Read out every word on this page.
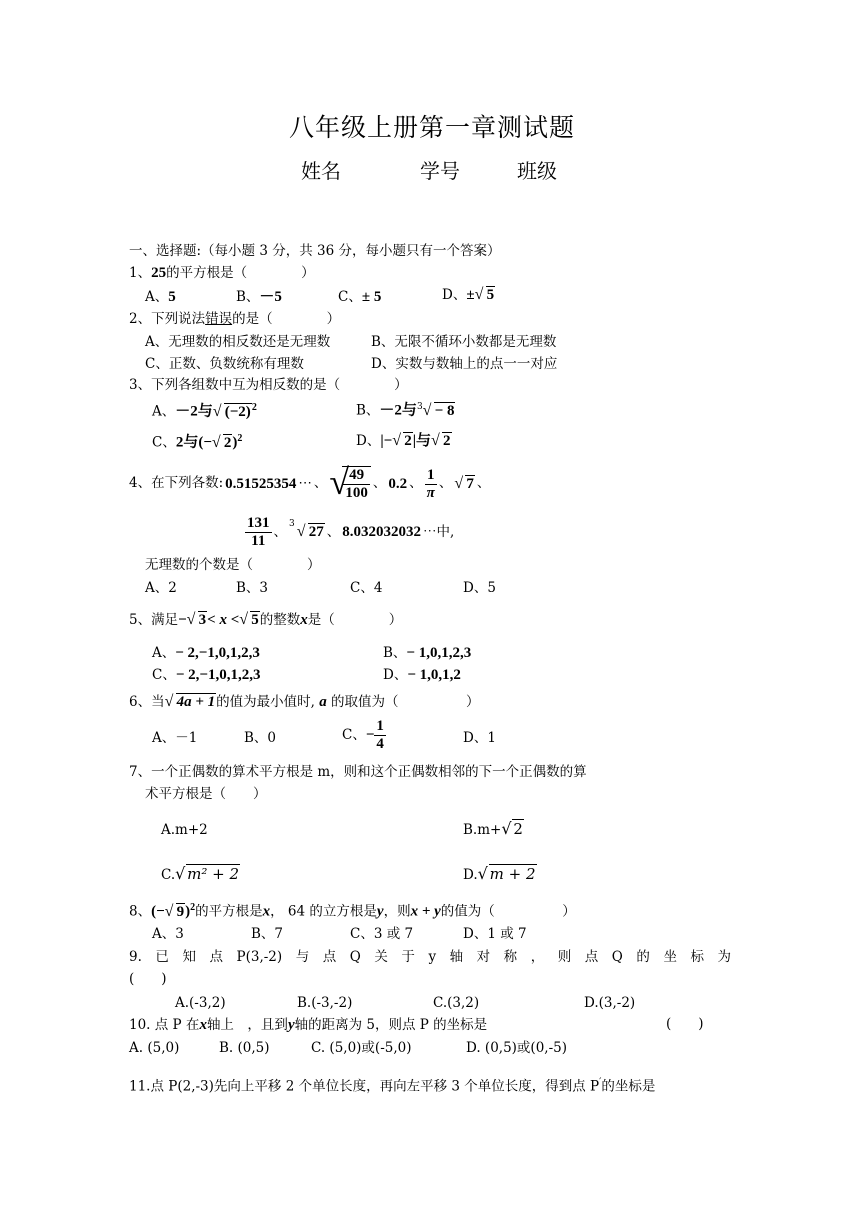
八年级上册第一章测试题
姓名	学号	班级
一、选择题:（每小题 3 分，共 36 分，每小题只有一个答案）
1、25的平方根是（　　　　）
A、5	B、－5	C、± 5	D、± √ 5
2、下列说法错误的是（　　　　）
A、无理数的相反数还是无理数	B、无限不循环小数都是无理数
C、正数、负数统称有理数	D、实数与数轴上的点一一对应
3、下列各组数中互为相反数的是（　　　　）
A、－2与 √ $(-2)^2$	B、－2与$^3$ √ − 8
C、2与(− √ 2)$^2$	D、|− √ 2|与 √ 2
4、在下列各数: 0.51525354 ⋯ 、 √
$\frac{49}{100}$ 、 0.2 、 $\frac{1}{\pi}$ 、 √ 7 、
$\frac{131}{11}$ 、$^3$ √ 27 、 8.032032032 ⋯中,
无理数的个数是（　　　　）
A、2	B、3	C、4	D、5
5、满足− √ 3< x < √ 5的整数x是（　　　　）
A、− 2,−1,0,1,2,3	B、− 1,0,1,2,3
C、− 2,−1,0,1,2,3	D、− 1,0,1,2
6、当 √ 4a + 1的值为最小值时, a 的取值为（　　　　　）
A、－1	B、0	C、 − $\frac{1}{4}$	D、1
7、一个正偶数的算术平方根是 m，则和这个正偶数相邻的下一个正偶数的算
术平方根是（　　）
A.m+2	B.m+ √ 2
C. √ m² + 2	D. √ m + 2
8、(− √ 9)$^2$的平方根是x， 64 的立方根是y，则x + y的值为（　　　　　）
A、3	B、7	C、3 或 7	D、1 或 7
9. 已 知 点 P(3,-2) 与 点 Q 关 于 y 轴 对 称 ， 则 点 Q 的 坐 标 为
(　　)
A.(-3,2)	B.(-3,-2)	C.(3,2)	D.(3,-2)
10. 点 P 在x轴上　，且到y轴的距离为 5，则点 P 的坐标是	(　　)
A. (5,0)	B. (0,5)	C. (5,0)或(-5,0)	D. (0,5)或(0,-5)
11.点 P(2,-3)先向上平移 2 个单位长度，再向左平移 3 个单位长度，得到点 P′的坐标是
